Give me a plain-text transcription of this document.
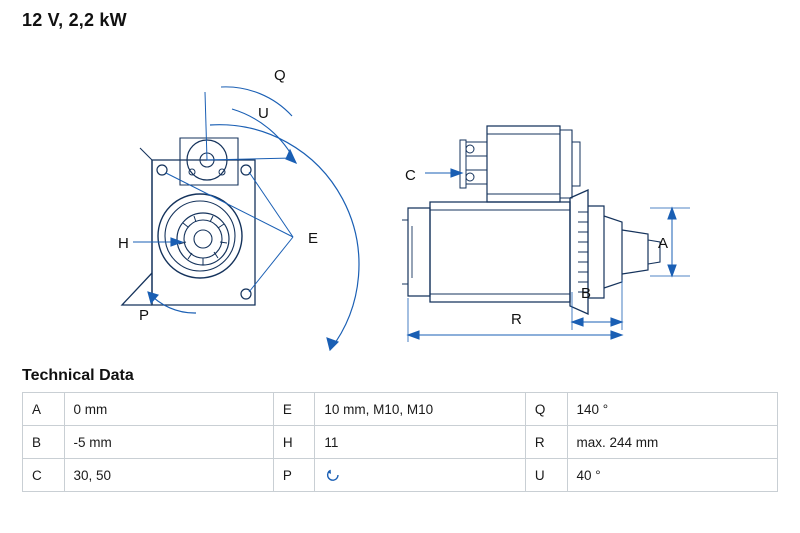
12 V, 2,2 kW
Q
U
E
H
P
C
A
B
R
Technical Data
A	0 mm	E	10 mm, M10, M10	Q	140 °
B	-5 mm	H	11	R	max. 244 mm
C	30, 50	P		U	40 °
